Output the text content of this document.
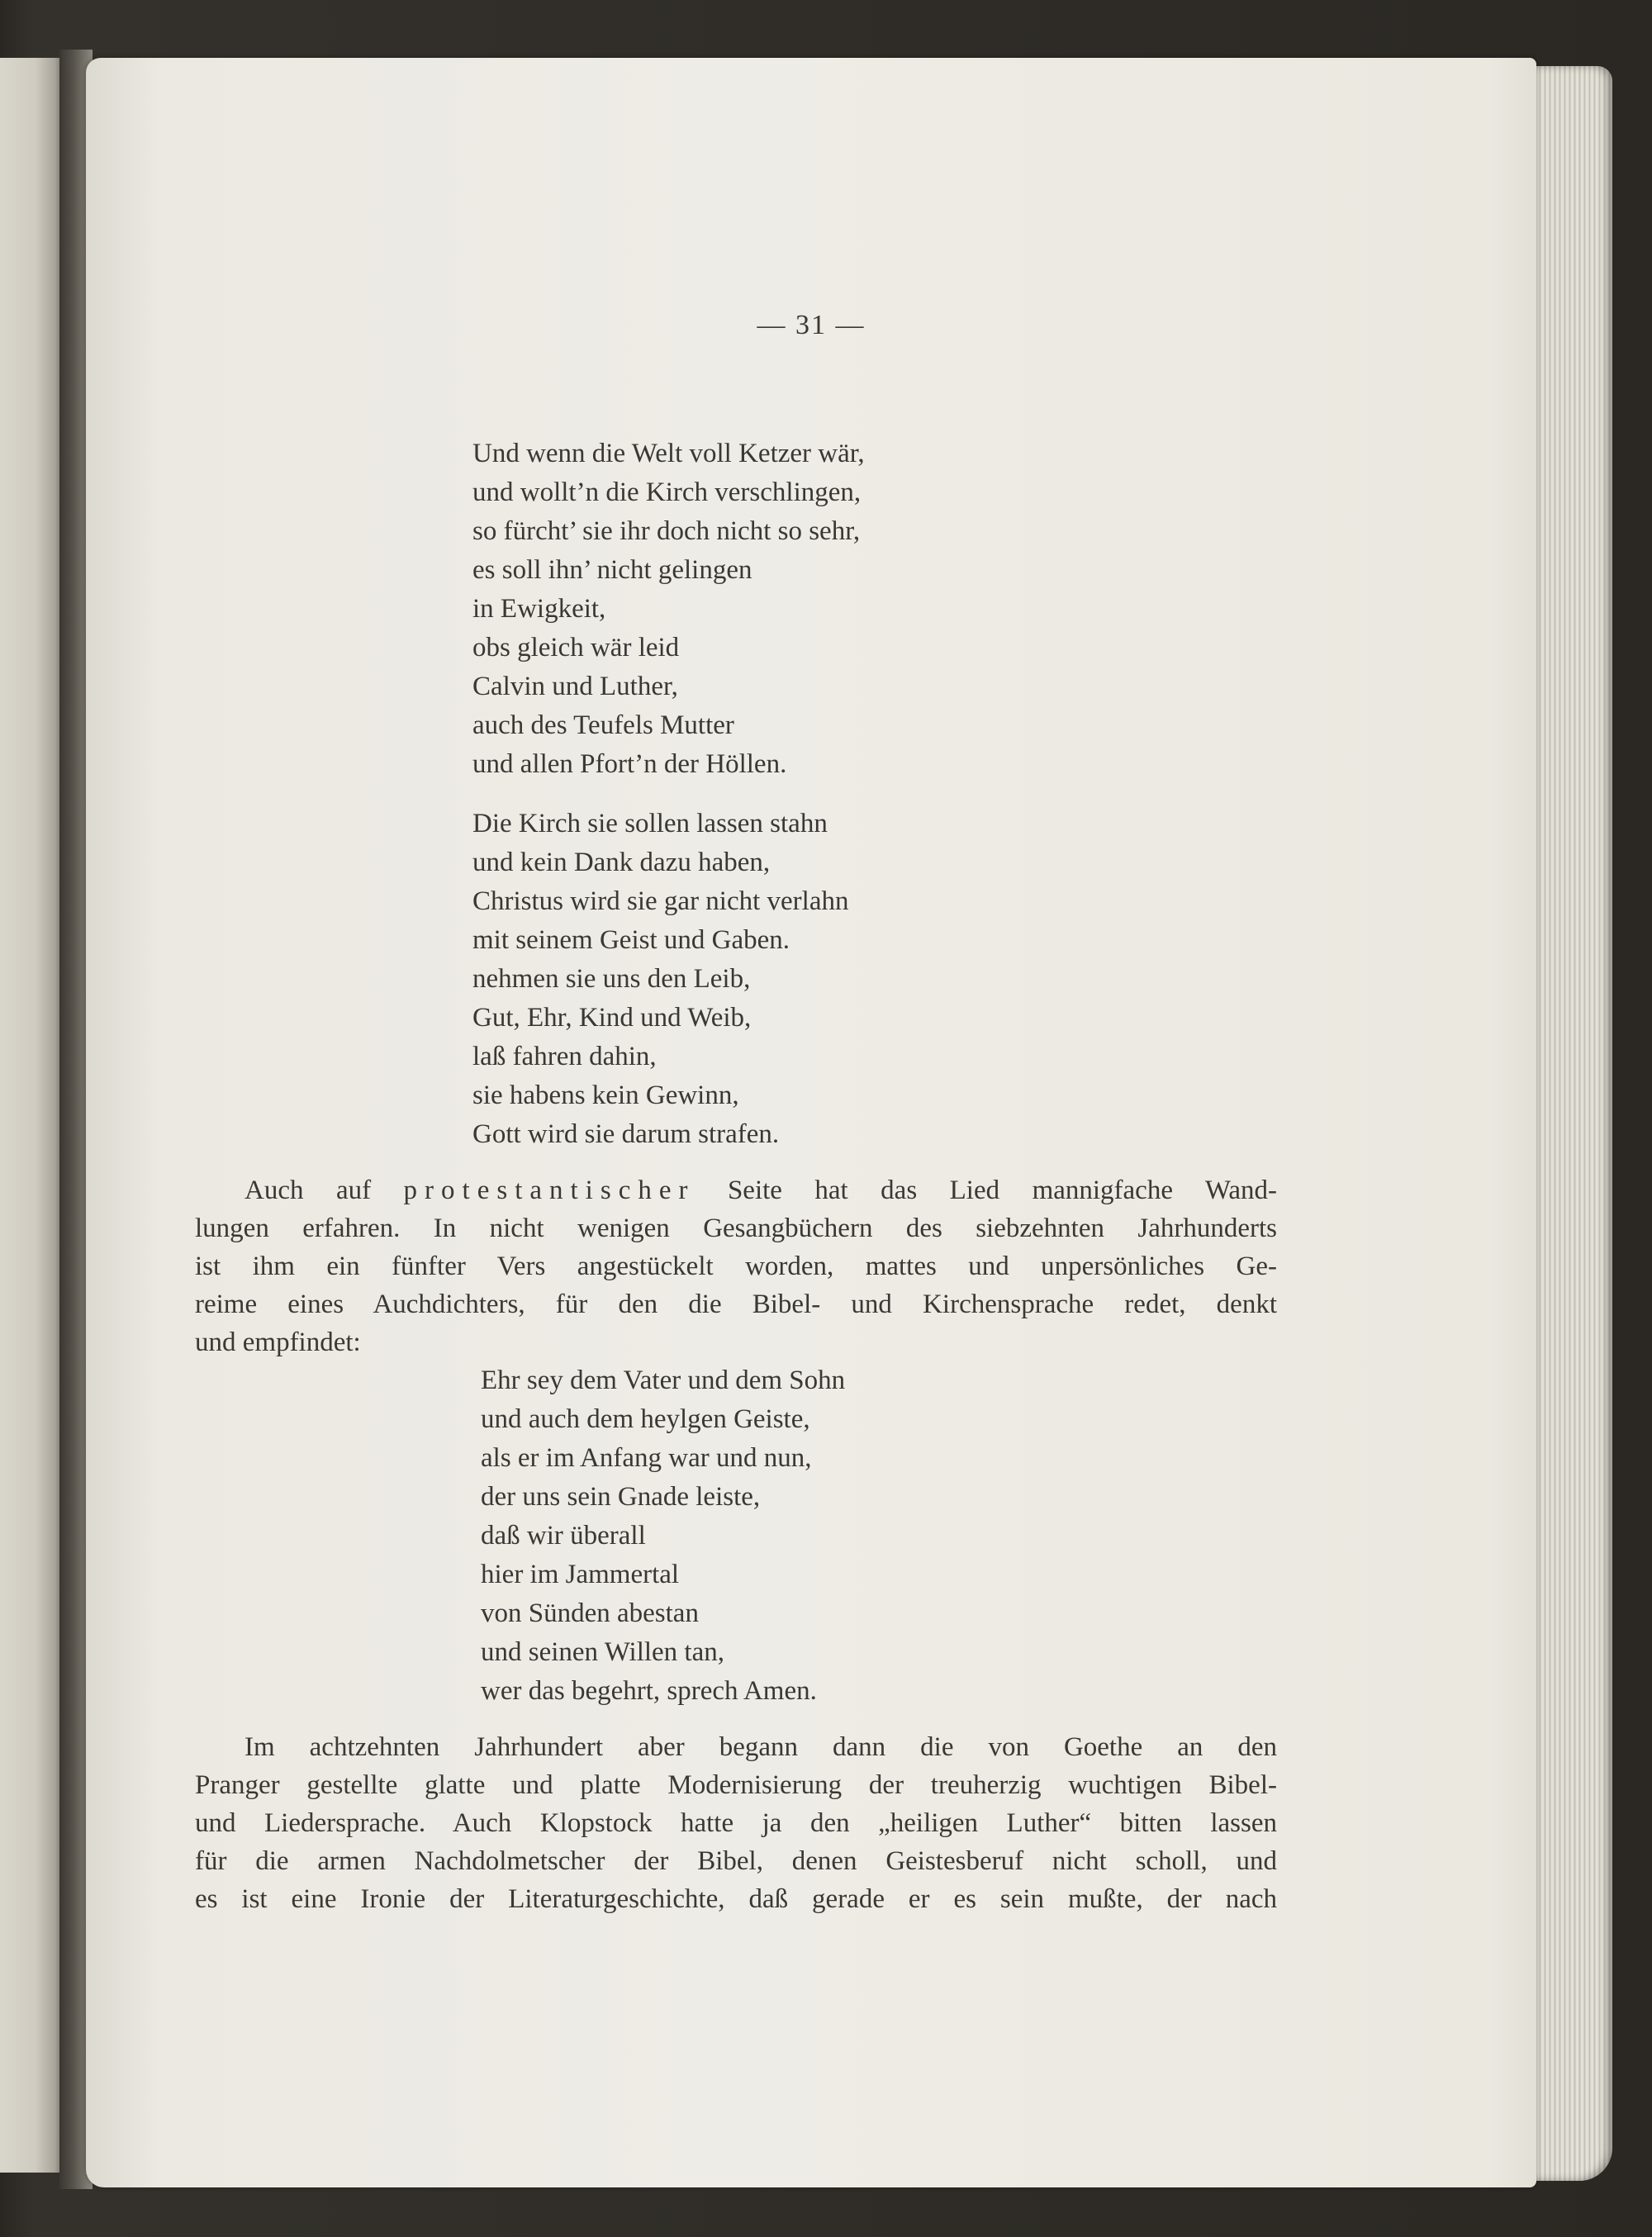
— 31 —
Und wenn die Welt voll Ketzer wär,
und wollt’n die Kirch verschlingen,
so fürcht’ sie ihr doch nicht so sehr,
es soll ihn’ nicht gelingen
in Ewigkeit,
obs gleich wär leid
Calvin und Luther,
auch des Teufels Mutter
und allen Pfort’n der Höllen.
Die Kirch sie sollen lassen stahn
und kein Dank dazu haben,
Christus wird sie gar nicht verlahn
mit seinem Geist und Gaben.
nehmen sie uns den Leib,
Gut, Ehr, Kind und Weib,
laß fahren dahin,
sie habens kein Gewinn,
Gott wird sie darum strafen.
Auch auf protestantischer Seite hat das Lied mannigfache Wand-
lungen erfahren. In nicht wenigen Gesangbüchern des siebzehnten Jahrhunderts
ist ihm ein fünfter Vers angestückelt worden, mattes und unpersönliches Ge-
reime eines Auchdichters, für den die Bibel- und Kirchensprache redet, denkt
und empfindet:
Ehr sey dem Vater und dem Sohn
und auch dem heylgen Geiste,
als er im Anfang war und nun,
der uns sein Gnade leiste,
daß wir überall
hier im Jammertal
von Sünden abestan
und seinen Willen tan,
wer das begehrt, sprech Amen.
Im achtzehnten Jahrhundert aber begann dann die von Goethe an den
Pranger gestellte glatte und platte Modernisierung der treuherzig wuchtigen Bibel-
und Liedersprache. Auch Klopstock hatte ja den „heiligen Luther“ bitten lassen
für die armen Nachdolmetscher der Bibel, denen Geistesberuf nicht scholl, und
es ist eine Ironie der Literaturgeschichte, daß gerade er es sein mußte, der nach
